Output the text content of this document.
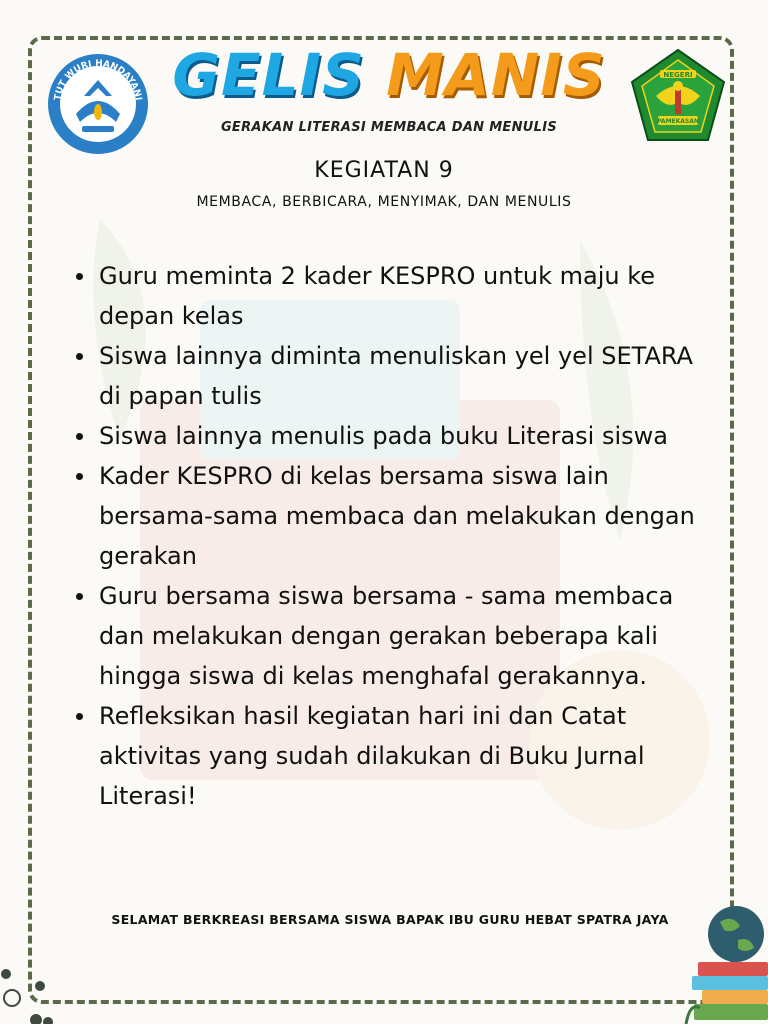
TUT WURI HANDAYANI
NEGERI
PAMEKASAN
GELIS MANIS
GERAKAN LITERASI MEMBACA DAN MENULIS
KEGIATAN 9
MEMBACA, BERBICARA, MENYIMAK, DAN MENULIS
Guru meminta 2 kader KESPRO untuk maju ke depan kelas
Siswa lainnya diminta menuliskan yel yel SETARA di papan tulis
Siswa lainnya menulis pada buku Literasi siswa
Kader KESPRO di kelas bersama siswa lain bersama-sama membaca dan melakukan dengan gerakan
Guru bersama siswa bersama - sama membaca dan melakukan dengan gerakan beberapa kali hingga siswa di kelas menghafal gerakannya.
Refleksikan hasil kegiatan hari ini dan Catat aktivitas yang sudah dilakukan di Buku Jurnal Literasi!
SELAMAT BERKREASI BERSAMA SISWA BAPAK IBU GURU HEBAT SPATRA JAYA
